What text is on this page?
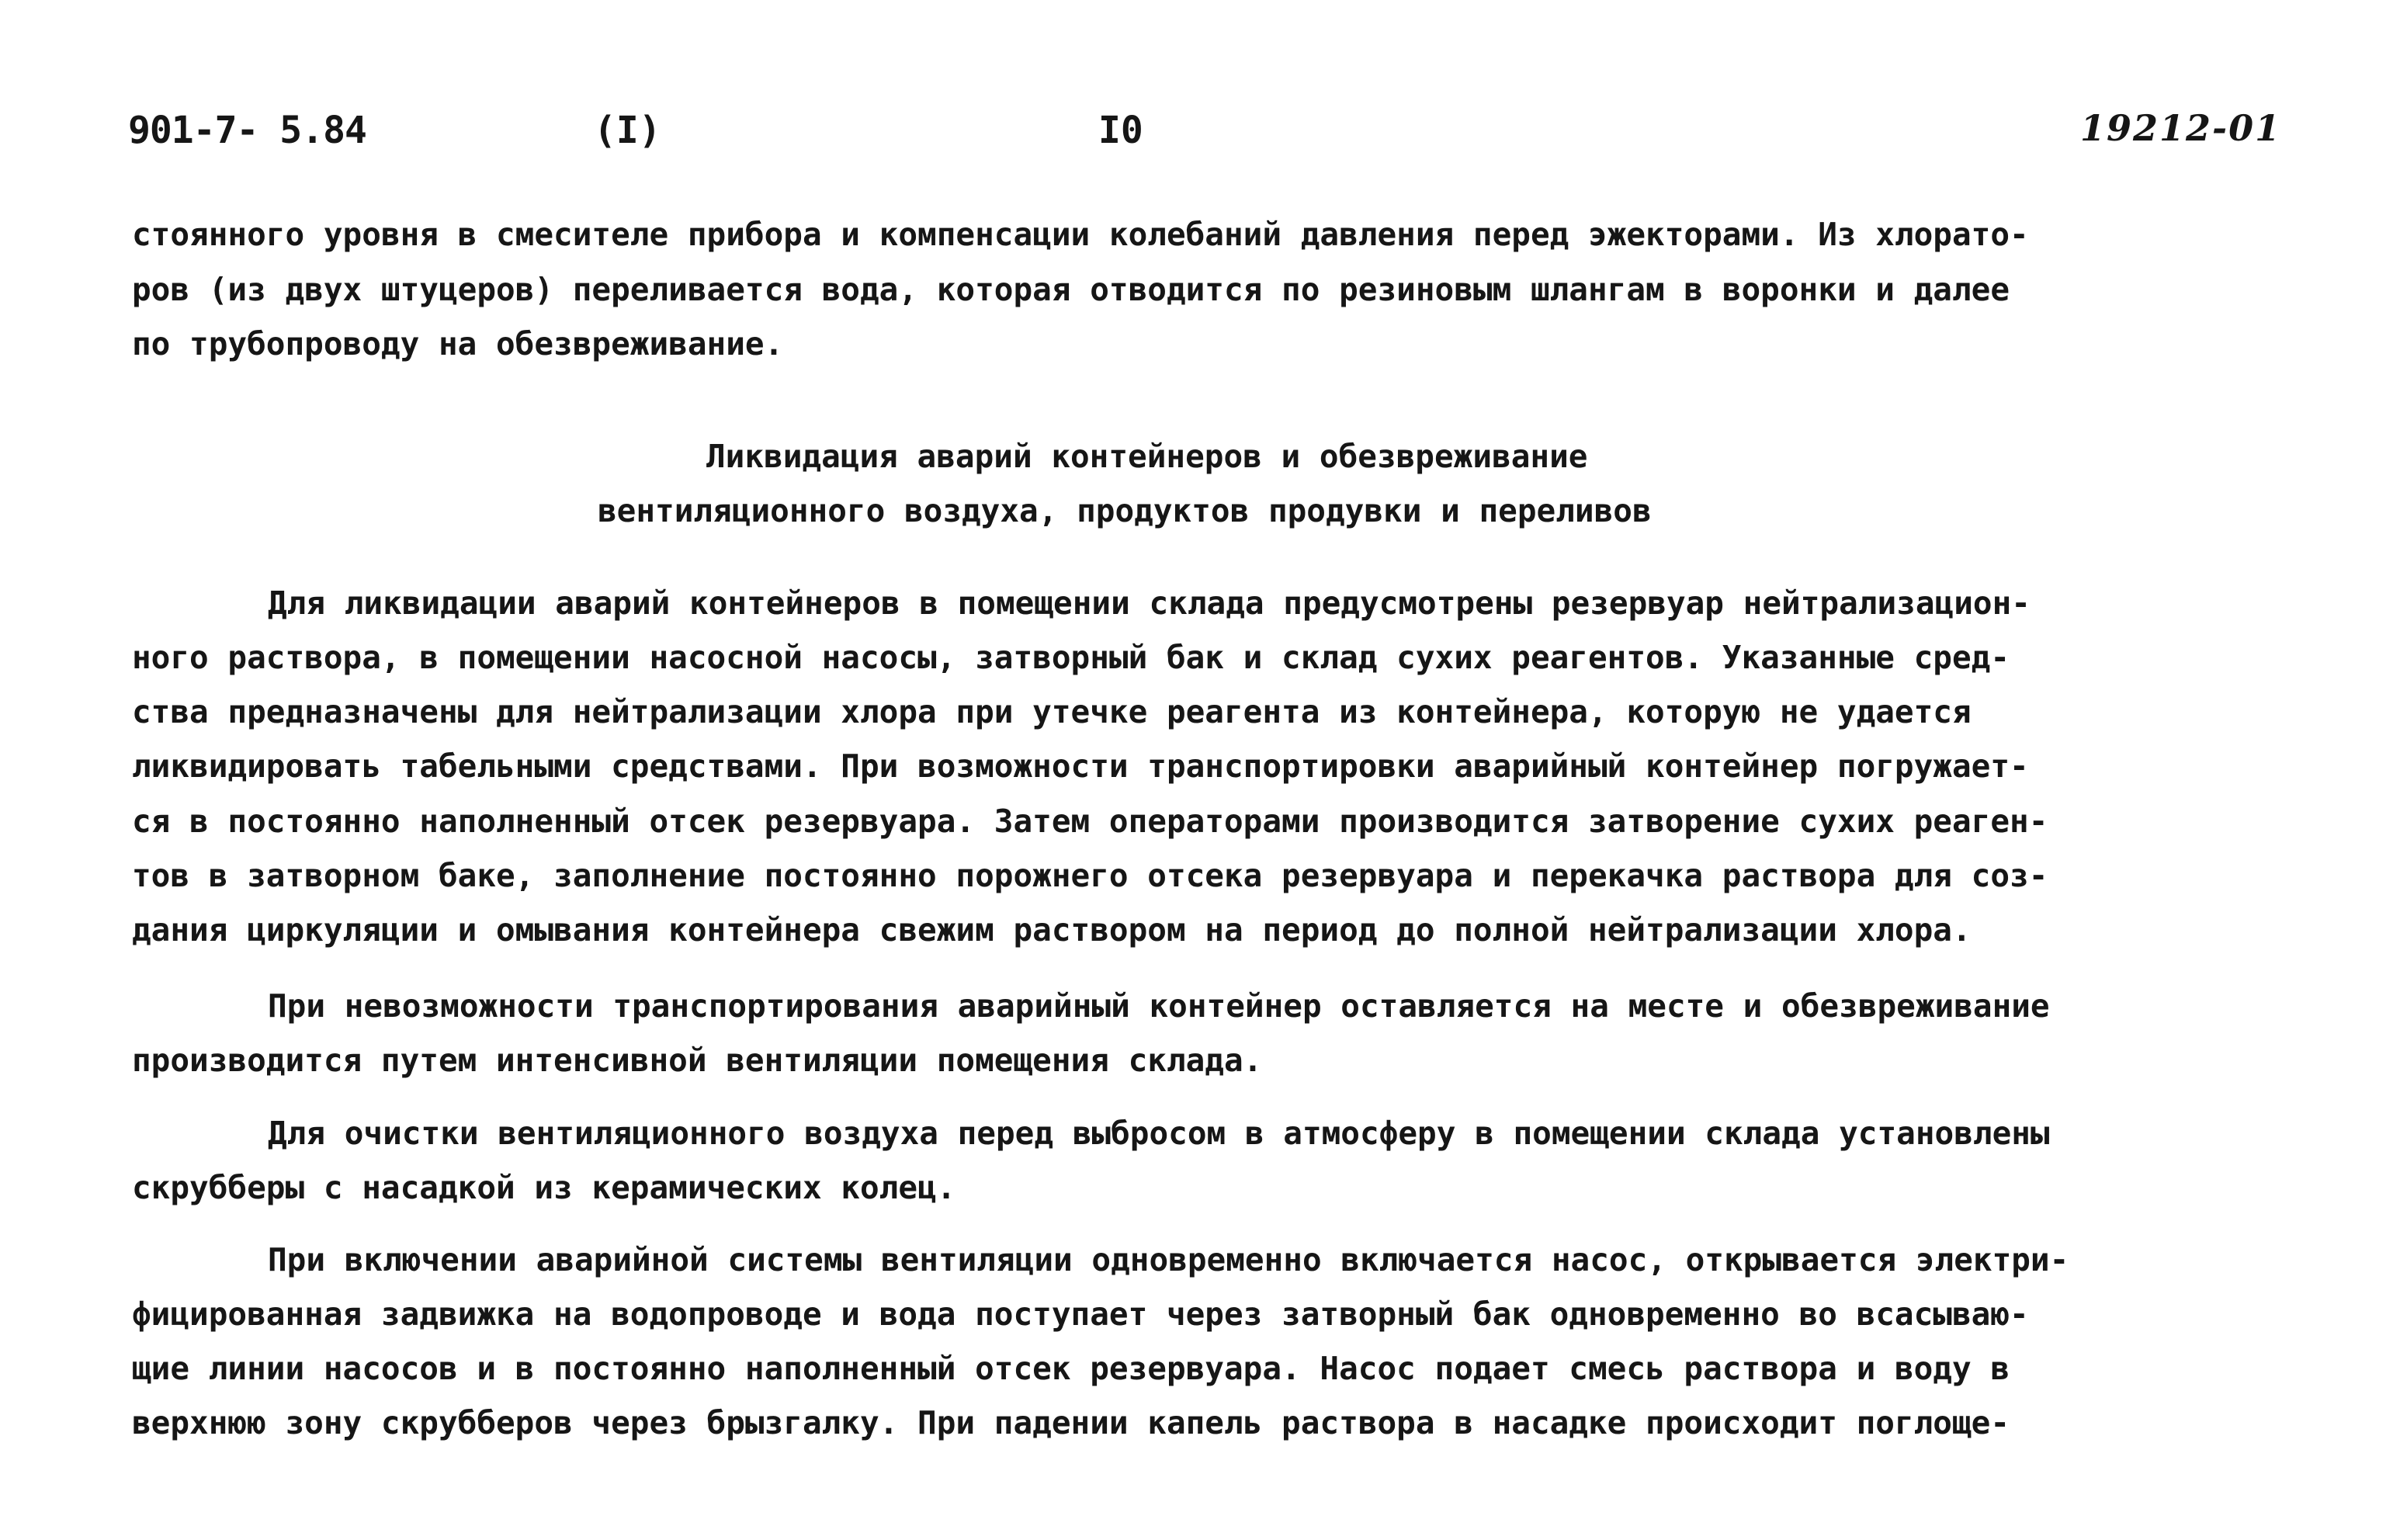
901-7- 5.84	(I)	I0	19212-01
стоянного уровня в смесителе прибора и компенсации колебаний давления перед эжекторами. Из хлорато-
ров (из двух штуцеров) переливается вода, которая отводится по резиновым шлангам в воронки и далее
по трубопроводу на обезвреживание.
Ликвидация аварий контейнеров и обезвреживание
вентиляционного воздуха, продуктов продувки и переливов
Для ликвидации аварий контейнеров в помещении склада предусмотрены резервуар нейтрализацион-
ного раствора, в помещении насосной насосы, затворный бак и склад сухих реагентов. Указанные сред-
ства предназначены для нейтрализации хлора при утечке реагента из контейнера, которую не удается
ликвидировать табельными средствами. При возможности транспортировки аварийный контейнер погружает-
ся в постоянно наполненный отсек резервуара. Затем операторами производится затворение сухих реаген-
тов в затворном баке, заполнение постоянно порожнего отсека резервуара и перекачка раствора для соз-
дания циркуляции и омывания контейнера свежим раствором на период до полной нейтрализации хлора.
При невозможности транспортирования аварийный контейнер оставляется на месте и обезвреживание
производится путем интенсивной вентиляции помещения склада.
Для очистки вентиляционного воздуха перед выбросом в атмосферу в помещении склада установлены
скрубберы с насадкой из керамических колец.
При включении аварийной системы вентиляции одновременно включается насос, открывается электри-
фицированная задвижка на водопроводе и вода поступает через затворный бак одновременно во всасываю-
щие линии насосов и в постоянно наполненный отсек резервуара. Насос подает смесь раствора и воду в
верхнюю зону скрубберов через брызгалку. При падении капель раствора в насадке происходит поглоще-
